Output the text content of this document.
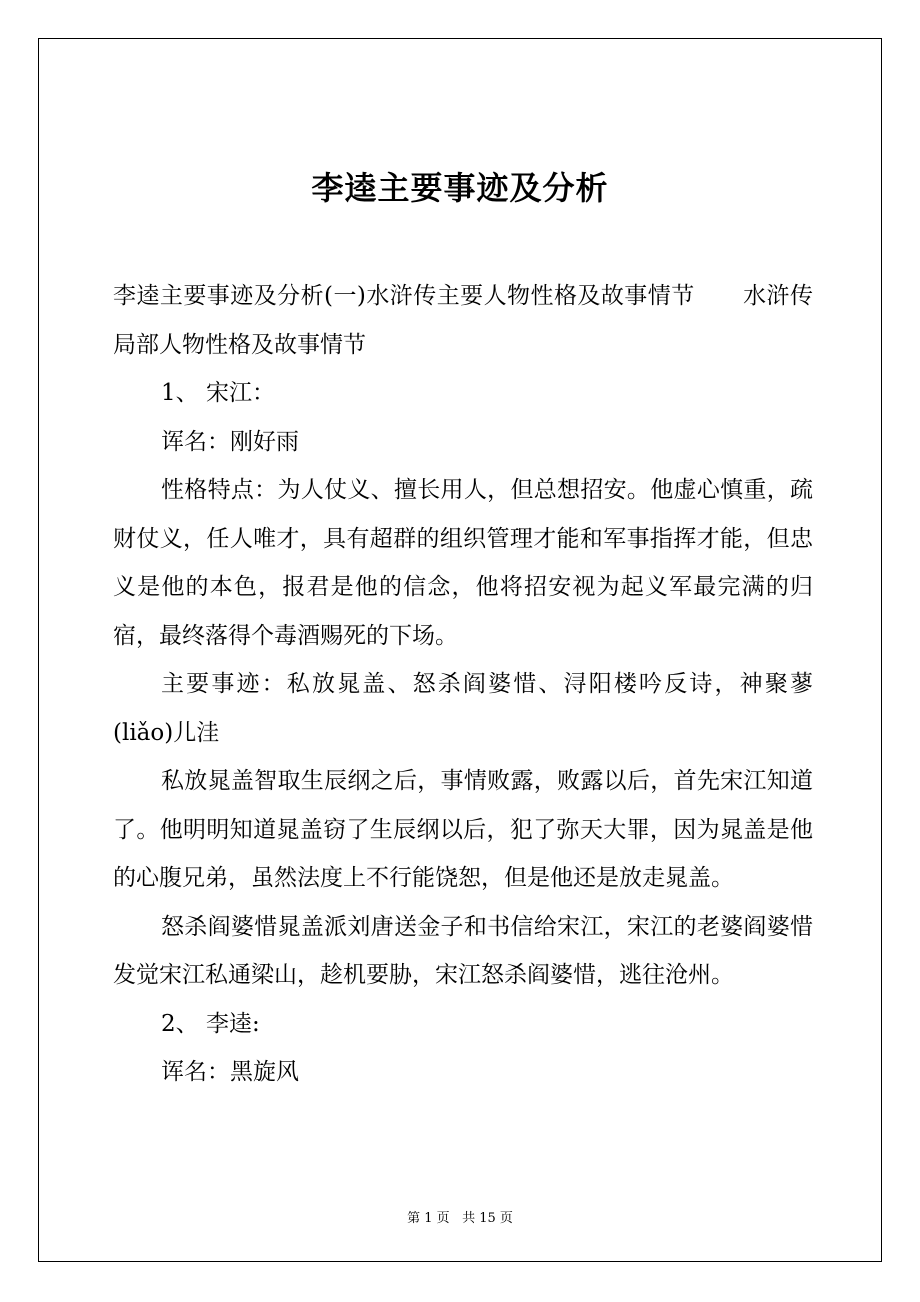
李逵主要事迹及分析

李逵主要事迹及分析(一)水浒传主要人物性格及故事情节 水浒传局部人物性格及故事情节

1、 宋江：

诨名：刚好雨

性格特点：为人仗义、擅长用人，但总想招安。他虚心慎重，疏财仗义，任人唯才，具有超群的组织管理才能和军事指挥才能，但忠义是他的本色，报君是他的信念，他将招安视为起义军最完满的归宿，最终落得个毒酒赐死的下场。

主要事迹：私放晁盖、怒杀阎婆惜、浔阳楼吟反诗，神聚蓼(liǎo)儿洼

私放晁盖智取生辰纲之后，事情败露，败露以后，首先宋江知道了。他明明知道晁盖窃了生辰纲以后，犯了弥天大罪，因为晁盖是他的心腹兄弟，虽然法度上不行能饶恕，但是他还是放走晁盖。

怒杀阎婆惜晁盖派刘唐送金子和书信给宋江，宋江的老婆阎婆惜发觉宋江私通梁山，趁机要胁，宋江怒杀阎婆惜，逃往沧州。

2、 李逵:

诨名：黑旋风

第 1 页 共 15 页
